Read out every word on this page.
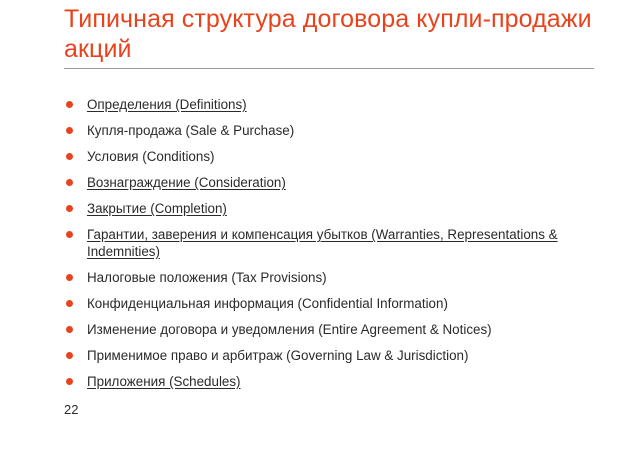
Типичная структура договора купли-продажи акций
Определения (Definitions)
Купля-продажа (Sale & Purchase)
Условия (Conditions)
Вознаграждение (Consideration)
Закрытие (Completion)
Гарантии, заверения и компенсация убытков (Warranties, Representations & Indemnities)
Налоговые положения (Tax Provisions)
Конфиденциальная информация (Confidential Information)
Изменение договора и уведомления (Entire Agreement & Notices)
Применимое право и арбитраж (Governing Law & Jurisdiction)
Приложения (Schedules)
22
